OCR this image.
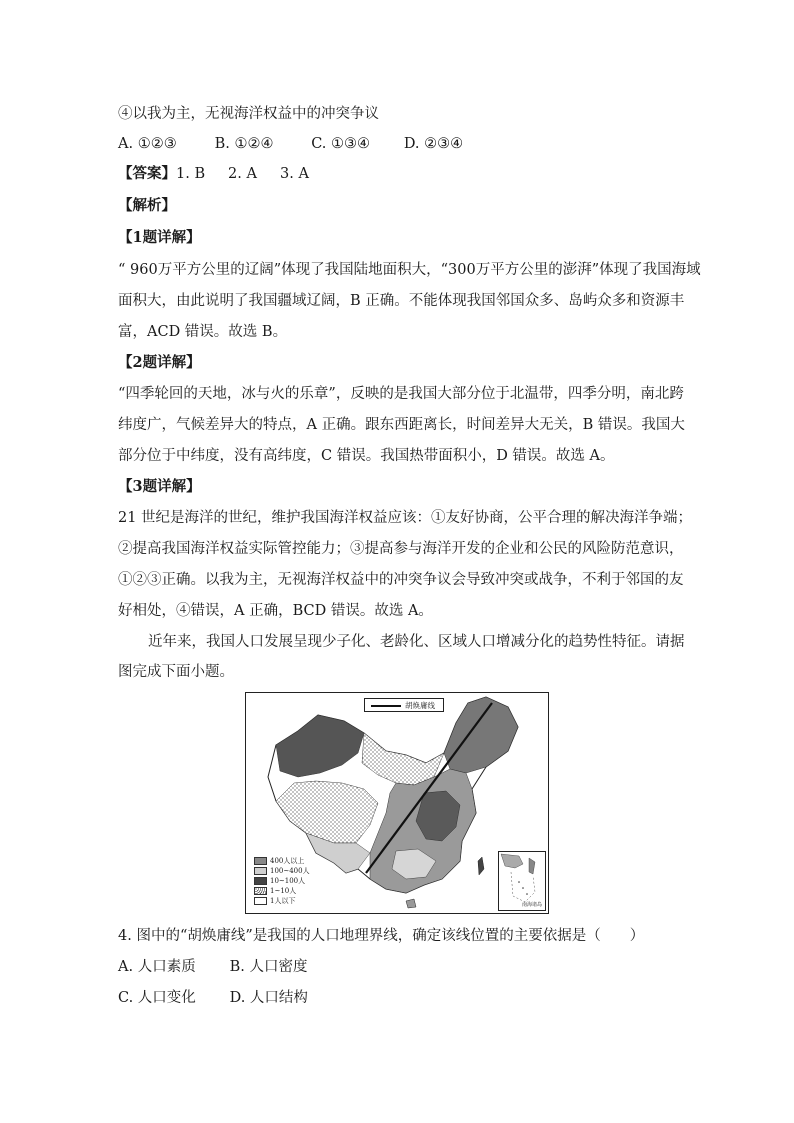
④以我为主，无视海洋权益中的冲突争议
A. ①②③	B. ①②④	C. ①③④ D. ②③④
【答案】1. B 2. A 3. A
【解析】
【1题详解】
“ 960万平方公里的辽阔”体现了我国陆地面积大，“300万平方公里的澎湃”体现了我国海域
面积大，由此说明了我国疆域辽阔，B 正确。不能体现我国邻国众多、岛屿众多和资源丰
富，ACD 错误。故选 B。
【2题详解】
“四季轮回的天地，冰与火的乐章”，反映的是我国大部分位于北温带，四季分明，南北跨
纬度广，气候差异大的特点，A 正确。跟东西距离长，时间差异大无关，B 错误。我国大
部分位于中纬度，没有高纬度，C 错误。我国热带面积小，D 错误。故选 A。
【3题详解】
21 世纪是海洋的世纪，维护我国海洋权益应该：①友好协商，公平合理的解决海洋争端；
②提高我国海洋权益实际管控能力；③提高参与海洋开发的企业和公民的风险防范意识，
①②③正确。以我为主，无视海洋权益中的冲突争议会导致冲突或战争，不利于邻国的友
好相处，④错误，A 正确，BCD 错误。故选 A。
近年来，我国人口发展呈现少子化、老龄化、区域人口增减分化的趋势性特征。请据
图完成下面小题。
胡焕庸线
400人以上
100~400人
10~100人
1~10人
1人以下	南海诸岛
4. 图中的“胡焕庸线”是我国的人口地理界线，确定该线位置的主要依据是（　　）
A. 人口素质 B. 人口密度
C. 人口变化 D. 人口结构
